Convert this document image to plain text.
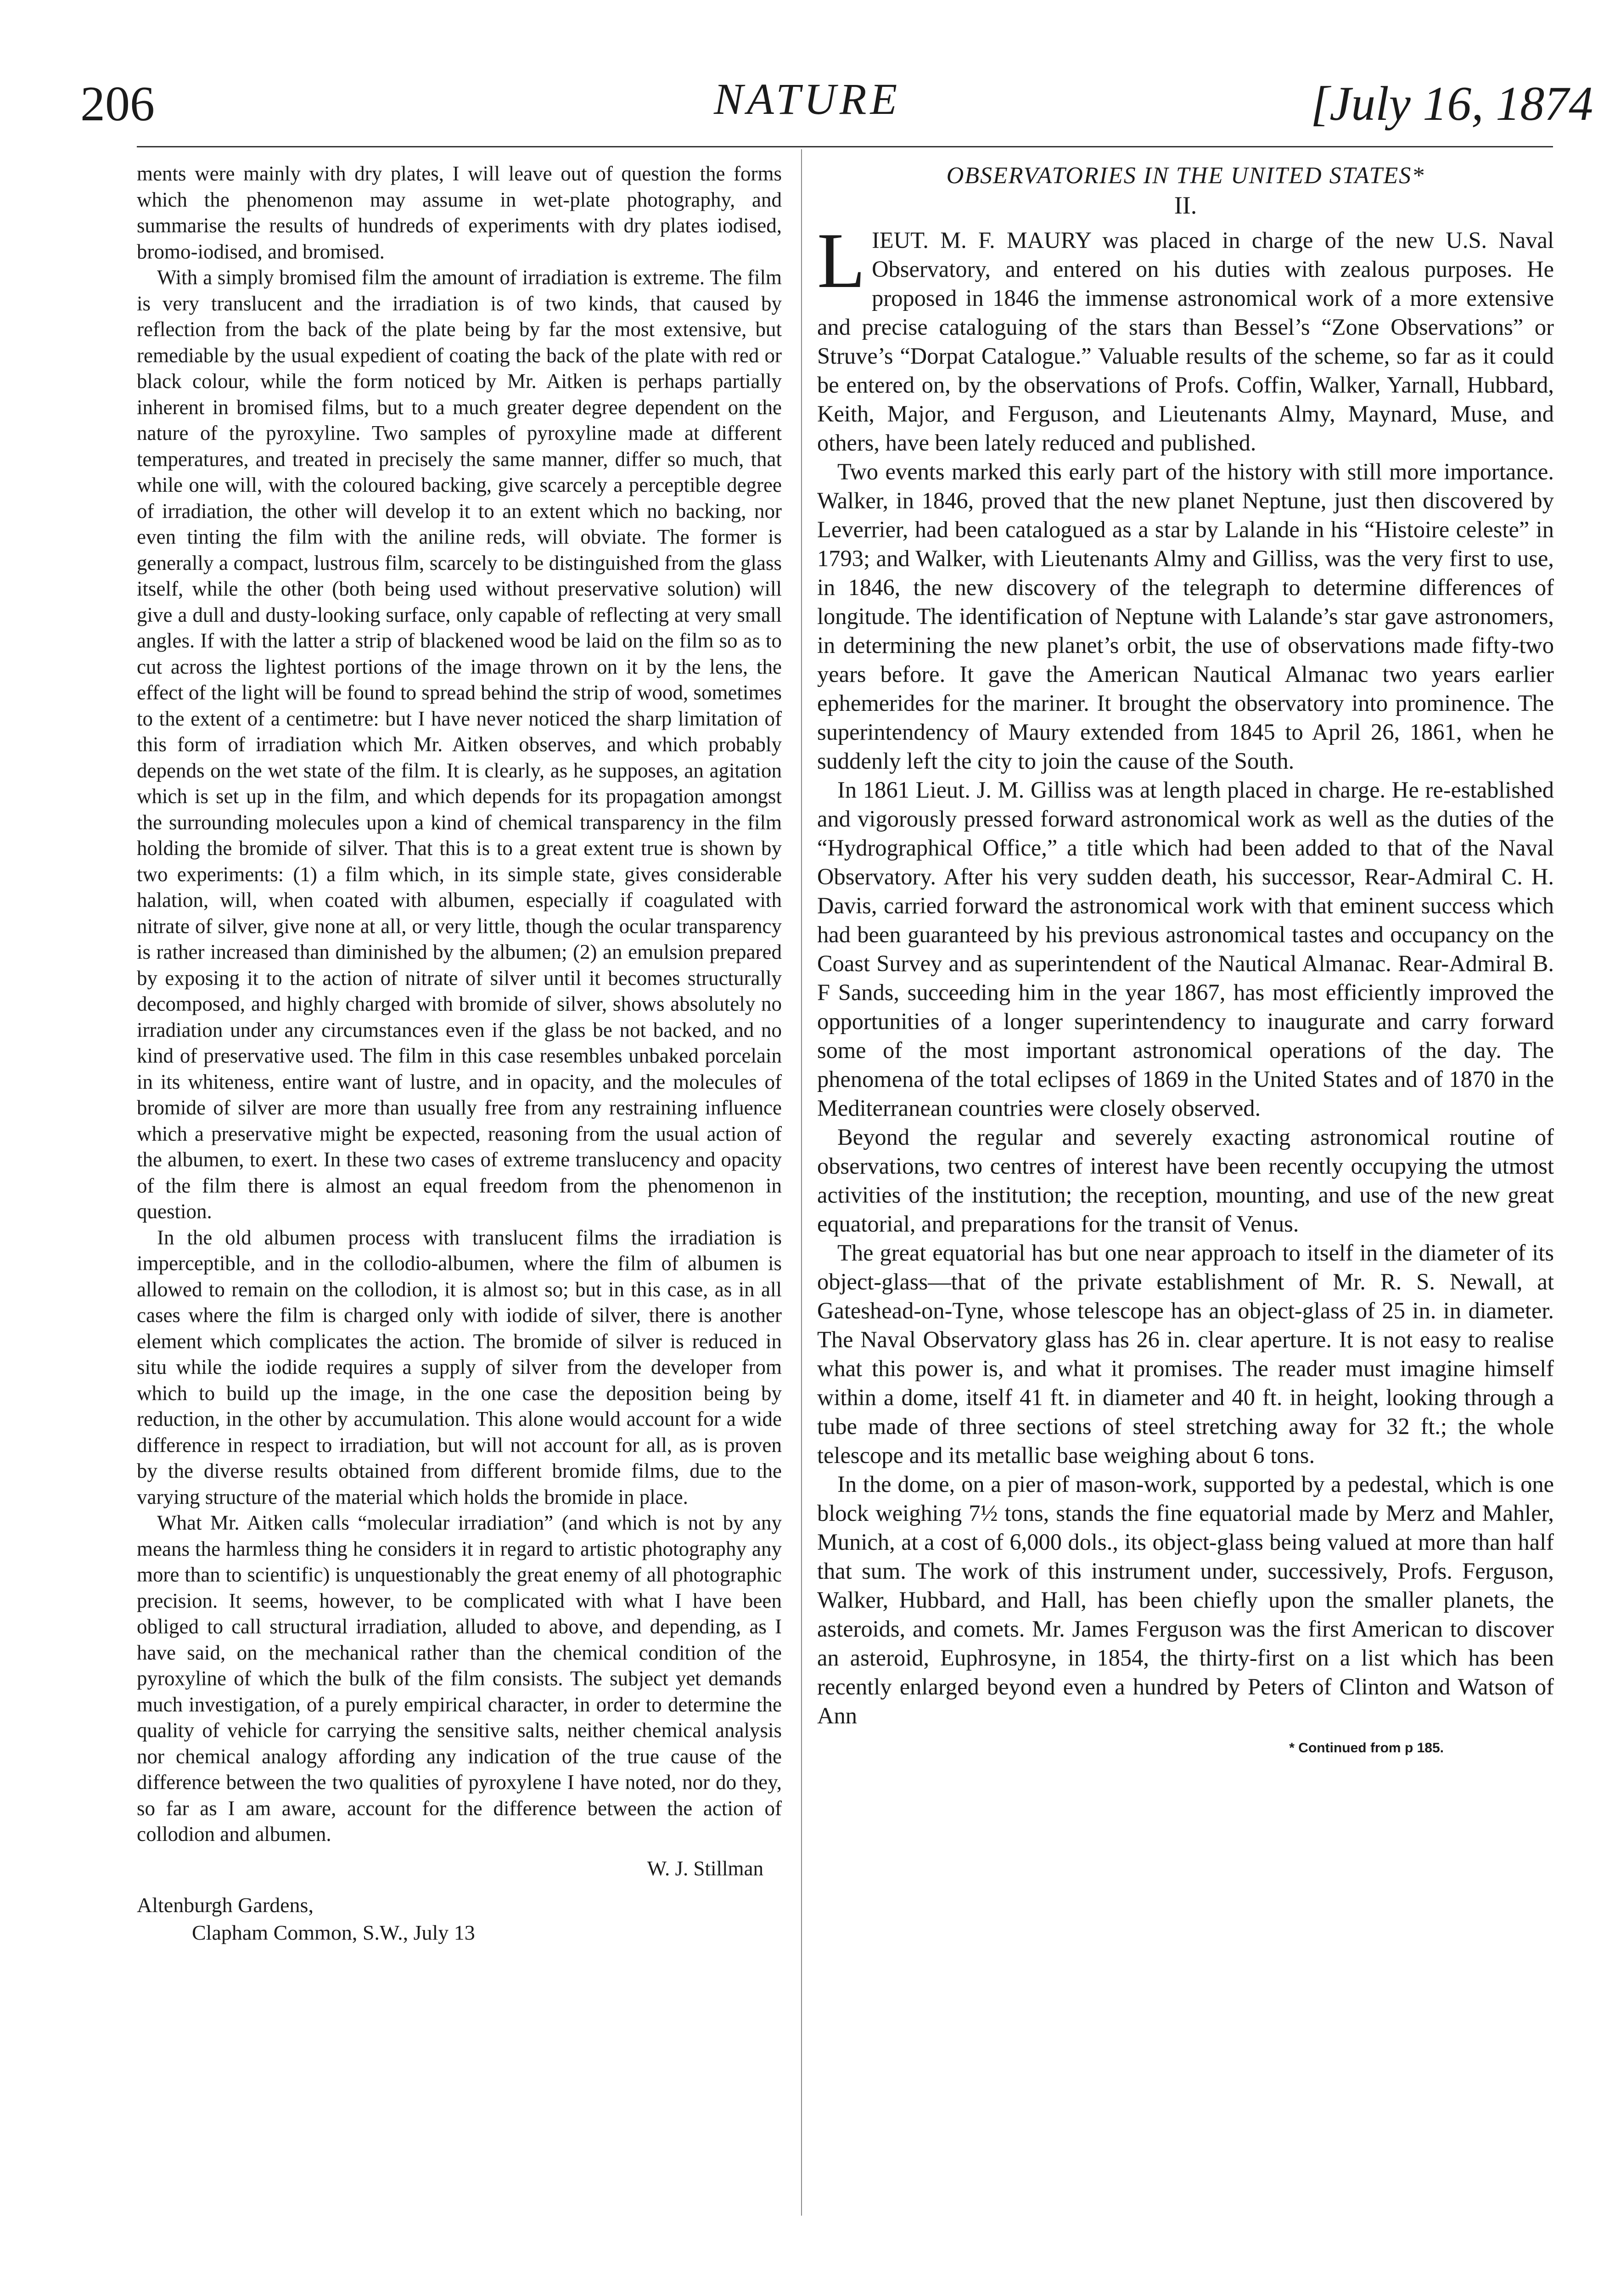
206	NATURE	[July 16, 1874

ments were mainly with dry plates, I will leave out of question the forms which the phenomenon may assume in wet-plate photography, and summarise the results of hundreds of experiments with dry plates iodised, bromo-iodised, and bromised.

With a simply bromised film the amount of irradiation is extreme. The film is very translucent and the irradiation is of two kinds, that caused by reflection from the back of the plate being by far the most extensive, but remediable by the usual expedient of coating the back of the plate with red or black colour, while the form noticed by Mr. Aitken is perhaps partially inherent in bromised films, but to a much greater degree dependent on the nature of the pyroxyline. Two samples of pyroxyline made at different temperatures, and treated in precisely the same manner, differ so much, that while one will, with the coloured backing, give scarcely a perceptible degree of irradiation, the other will develop it to an extent which no backing, nor even tinting the film with the aniline reds, will obviate. The former is generally a compact, lustrous film, scarcely to be distinguished from the glass itself, while the other (both being used without preservative solution) will give a dull and dusty-looking surface, only capable of reflecting at very small angles. If with the latter a strip of blackened wood be laid on the film so as to cut across the lightest portions of the image thrown on it by the lens, the effect of the light will be found to spread behind the strip of wood, sometimes to the extent of a centimetre: but I have never noticed the sharp limitation of this form of irradiation which Mr. Aitken observes, and which probably depends on the wet state of the film. It is clearly, as he supposes, an agitation which is set up in the film, and which depends for its propagation amongst the surrounding molecules upon a kind of chemical transparency in the film holding the bromide of silver. That this is to a great extent true is shown by two experiments: (1) a film which, in its simple state, gives considerable halation, will, when coated with albumen, especially if coagulated with nitrate of silver, give none at all, or very little, though the ocular transparency is rather increased than diminished by the albumen; (2) an emulsion prepared by exposing it to the action of nitrate of silver until it becomes structurally decomposed, and highly charged with bromide of silver, shows absolutely no irradiation under any circumstances even if the glass be not backed, and no kind of preservative used. The film in this case resembles unbaked porcelain in its whiteness, entire want of lustre, and in opacity, and the molecules of bromide of silver are more than usually free from any restraining influence which a preservative might be expected, reasoning from the usual action of the albumen, to exert. In these two cases of extreme translucency and opacity of the film there is almost an equal freedom from the phenomenon in question.

In the old albumen process with translucent films the irradiation is imperceptible, and in the collodio-albumen, where the film of albumen is allowed to remain on the collodion, it is almost so; but in this case, as in all cases where the film is charged only with iodide of silver, there is another element which complicates the action. The bromide of silver is reduced in situ while the iodide requires a supply of silver from the developer from which to build up the image, in the one case the deposition being by reduction, in the other by accumulation. This alone would account for a wide difference in respect to irradiation, but will not account for all, as is proven by the diverse results obtained from different bromide films, due to the varying structure of the material which holds the bromide in place.

What Mr. Aitken calls “molecular irradiation” (and which is not by any means the harmless thing he considers it in regard to artistic photography any more than to scientific) is unquestionably the great enemy of all photographic precision. It seems, however, to be complicated with what I have been obliged to call structural irradiation, alluded to above, and depending, as I have said, on the mechanical rather than the chemical condition of the pyroxyline of which the bulk of the film consists. The subject yet demands much investigation, of a purely empirical character, in order to determine the quality of vehicle for carrying the sensitive salts, neither chemical analysis nor chemical analogy affording any indication of the true cause of the difference between the two qualities of pyroxylene I have noted, nor do they, so far as I am aware, account for the difference between the action of collodion and albumen.

W. J. Stillman

Altenburgh Gardens,

Clapham Common, S.W., July 13

OBSERVATORIES IN THE UNITED STATES*

II.

LIEUT. M. F. MAURY was placed in charge of the new U.S. Naval Observatory, and entered on his duties with zealous purposes. He proposed in 1846 the immense astronomical work of a more extensive and precise cataloguing of the stars than Bessel’s “Zone Observations” or Struve’s “Dorpat Catalogue.” Valuable results of the scheme, so far as it could be entered on, by the observations of Profs. Coffin, Walker, Yarnall, Hubbard, Keith, Major, and Ferguson, and Lieutenants Almy, Maynard, Muse, and others, have been lately reduced and published.

Two events marked this early part of the history with still more importance. Walker, in 1846, proved that the new planet Neptune, just then discovered by Leverrier, had been catalogued as a star by Lalande in his “Histoire celeste” in 1793; and Walker, with Lieutenants Almy and Gilliss, was the very first to use, in 1846, the new discovery of the telegraph to determine differences of longitude. The identification of Neptune with Lalande’s star gave astronomers, in determining the new planet’s orbit, the use of observations made fifty-two years before. It gave the American Nautical Almanac two years earlier ephemerides for the mariner. It brought the observatory into prominence. The superintendency of Maury extended from 1845 to April 26, 1861, when he suddenly left the city to join the cause of the South.

In 1861 Lieut. J. M. Gilliss was at length placed in charge. He re-established and vigorously pressed forward astronomical work as well as the duties of the “Hydrographical Office,” a title which had been added to that of the Naval Observatory. After his very sudden death, his successor, Rear-Admiral C. H. Davis, carried forward the astronomical work with that eminent success which had been guaranteed by his previous astronomical tastes and occupancy on the Coast Survey and as superintendent of the Nautical Almanac. Rear-Admiral B. F Sands, succeeding him in the year 1867, has most efficiently improved the opportunities of a longer superintendency to inaugurate and carry forward some of the most important astronomical operations of the day. The phenomena of the total eclipses of 1869 in the United States and of 1870 in the Mediterranean countries were closely observed.

Beyond the regular and severely exacting astronomical routine of observations, two centres of interest have been recently occupying the utmost activities of the institution; the reception, mounting, and use of the new great equatorial, and preparations for the transit of Venus.

The great equatorial has but one near approach to itself in the diameter of its object-glass—that of the private establishment of Mr. R. S. Newall, at Gateshead-on-Tyne, whose telescope has an object-glass of 25 in. in diameter. The Naval Observatory glass has 26 in. clear aperture. It is not easy to realise what this power is, and what it promises. The reader must imagine himself within a dome, itself 41 ft. in diameter and 40 ft. in height, looking through a tube made of three sections of steel stretching away for 32 ft.; the whole telescope and its metallic base weighing about 6 tons.

In the dome, on a pier of mason-work, supported by a pedestal, which is one block weighing 7½ tons, stands the fine equatorial made by Merz and Mahler, Munich, at a cost of 6,000 dols., its object-glass being valued at more than half that sum. The work of this instrument under, successively, Profs. Ferguson, Walker, Hubbard, and Hall, has been chiefly upon the smaller planets, the asteroids, and comets. Mr. James Ferguson was the first American to discover an asteroid, Euphrosyne, in 1854, the thirty-first on a list which has been recently enlarged beyond even a hundred by Peters of Clinton and Watson of Ann

* Continued from p 185.
